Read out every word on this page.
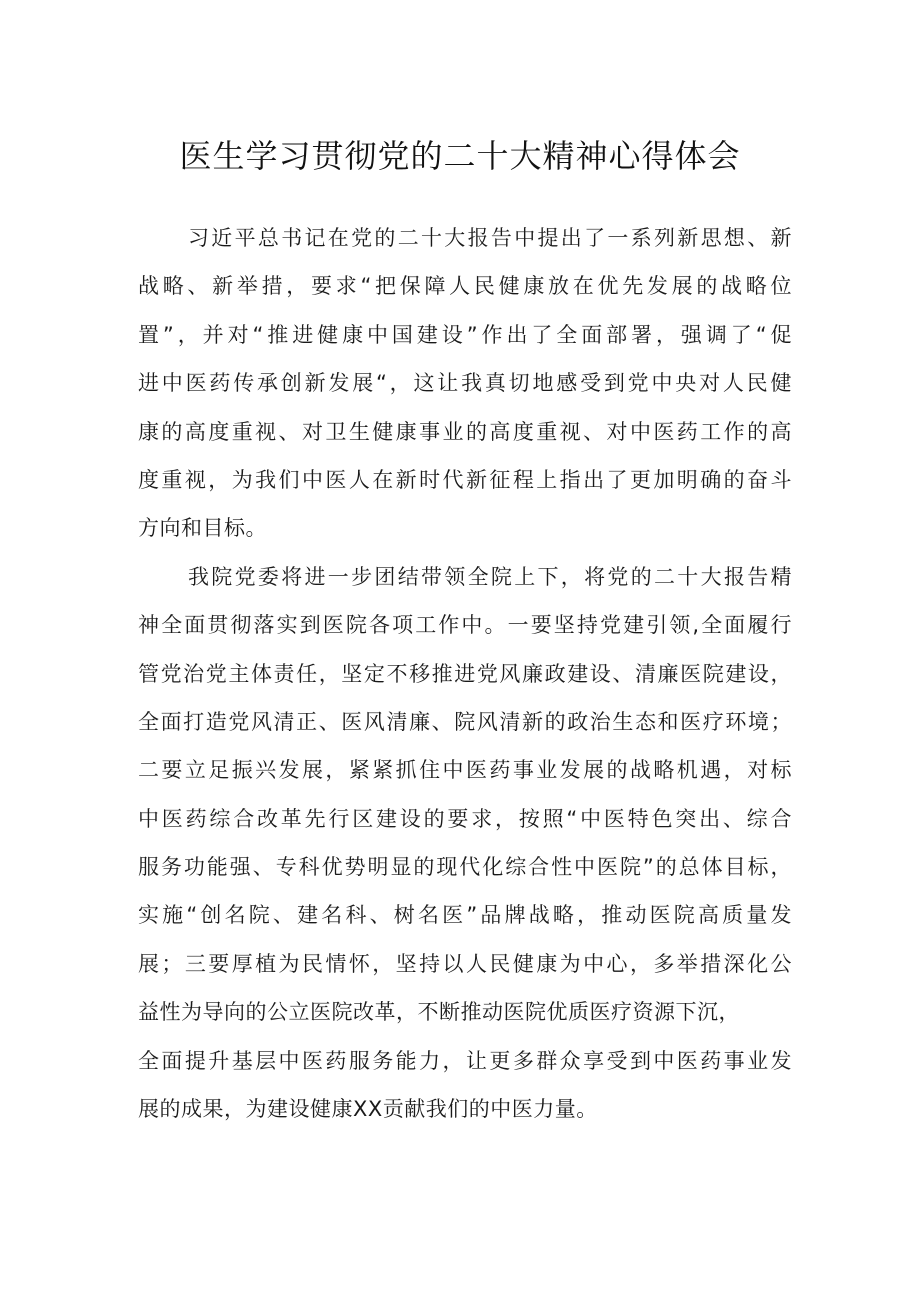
医生学习贯彻党的二十大精神心得体会
习近平总书记在党的二十大报告中提出了一系列新思想、新
战略、新举措，要求“把保障人民健康放在优先发展的战略位
置”，并对“推进健康中国建设”作出了全面部署，强调了“促
进中医药传承创新发展“，这让我真切地感受到党中央对人民健
康的高度重视、对卫生健康事业的高度重视、对中医药工作的高
度重视，为我们中医人在新时代新征程上指出了更加明确的奋斗
方向和目标。
我院党委将进一步团结带领全院上下，将党的二十大报告精
神全面贯彻落实到医院各项工作中。一要坚持党建引领,全面履行
管党治党主体责任，坚定不移推进党风廉政建设、清廉医院建设，
全面打造党风清正、医风清廉、院风清新的政治生态和医疗环境；
二要立足振兴发展，紧紧抓住中医药事业发展的战略机遇，对标
中医药综合改革先行区建设的要求，按照“中医特色突出、综合
服务功能强、专科优势明显的现代化综合性中医院”的总体目标，
实施“创名院、建名科、树名医”品牌战略，推动医院高质量发
展；三要厚植为民情怀，坚持以人民健康为中心，多举措深化公
益性为导向的公立医院改革，不断推动医院优质医疗资源下沉，
全面提升基层中医药服务能力，让更多群众享受到中医药事业发
展的成果，为建设健康XX贡献我们的中医力量。
